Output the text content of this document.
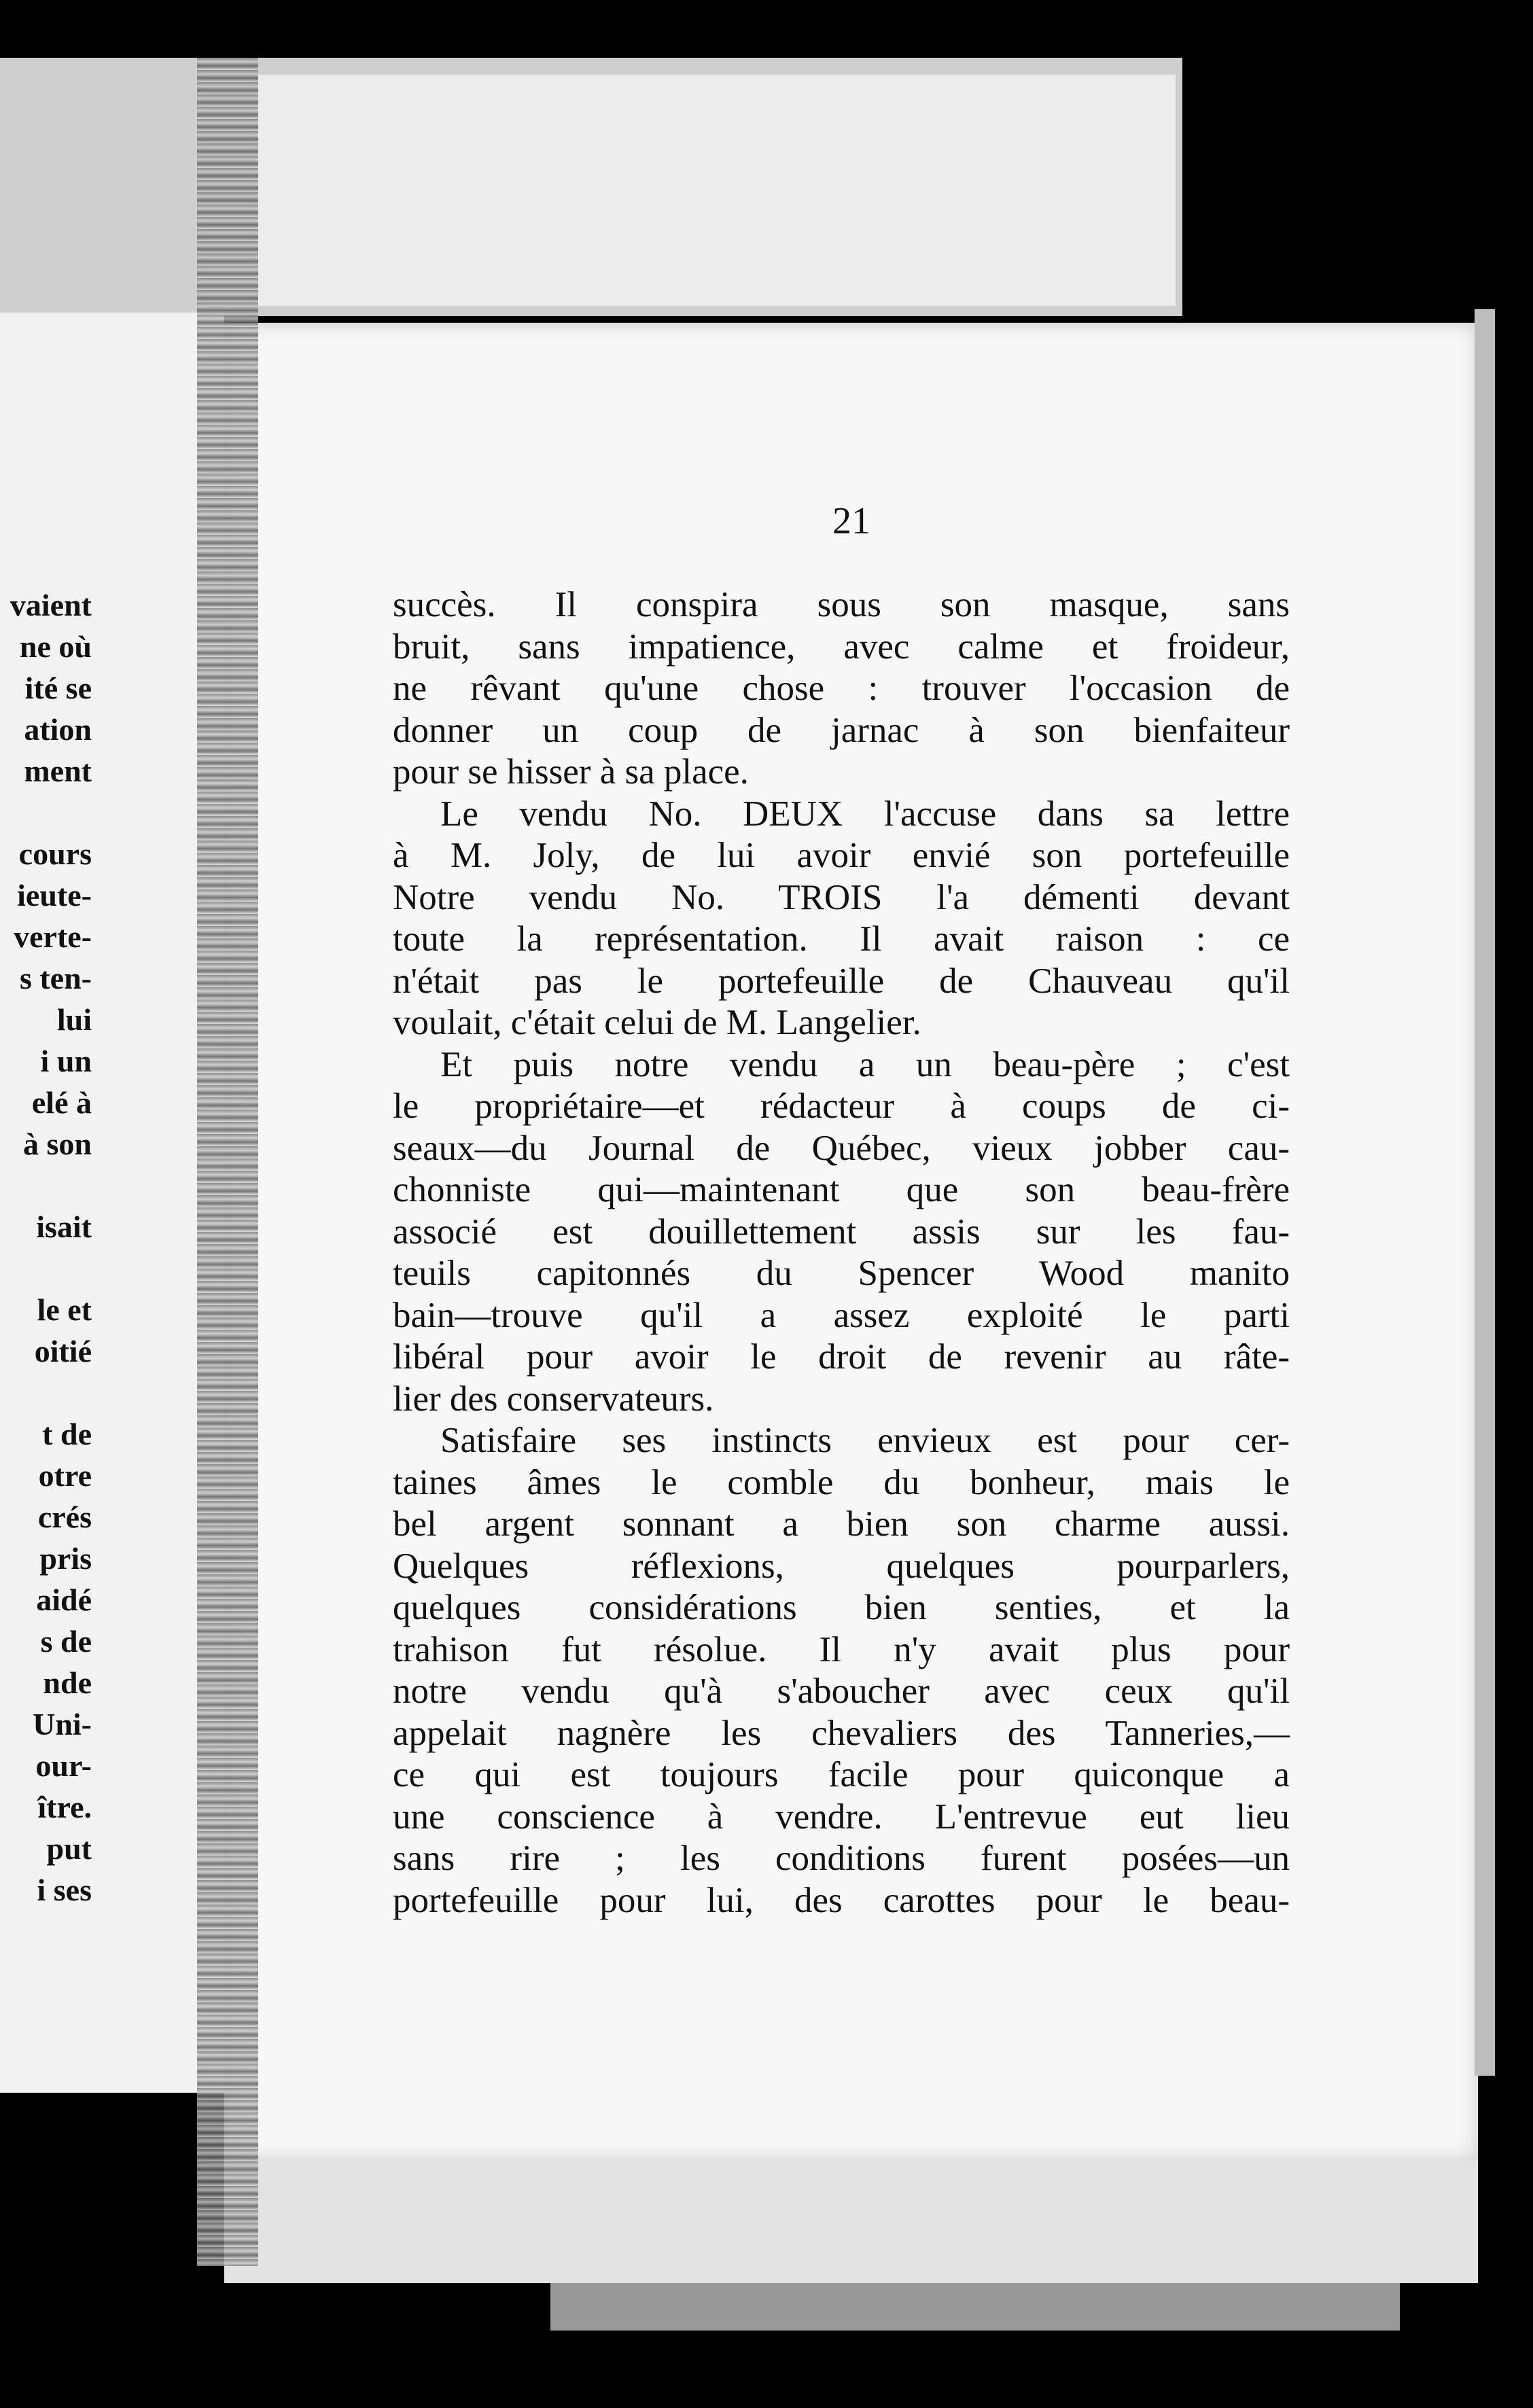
vaient
ne où
ité se
ation
ment

cours
ieute-
verte-
s ten-
lui
i un
elé à
à son

isait

le et
oitié

t de
otre
crés
pris
aidé
s de
nde
Uni-
our-
ître.
put
i ses
21
succès. Il conspira sous son masque, sans
bruit, sans impatience, avec calme et froideur,
ne rêvant qu'une chose : trouver l'occasion de
donner un coup de jarnac à son bienfaiteur
pour se hisser à sa place.
Le vendu No. DEUX l'accuse dans sa lettre
à M. Joly, de lui avoir envié son portefeuille
Notre vendu No. TROIS l'a démenti devant
toute la représentation. Il avait raison : ce
n'était pas le portefeuille de Chauveau qu'il
voulait, c'était celui de M. Langelier.
Et puis notre vendu a un beau-père ; c'est
le propriétaire—et rédacteur à coups de ci-
seaux—du Journal de Québec, vieux jobber cau-
chonniste qui—maintenant que son beau-frère
associé est douillettement assis sur les fau-
teuils capitonnés du Spencer Wood manito
bain—trouve qu'il a assez exploité le parti
libéral pour avoir le droit de revenir au râte-
lier des conservateurs.
Satisfaire ses instincts envieux est pour cer-
taines âmes le comble du bonheur, mais le
bel argent sonnant a bien son charme aussi.
Quelques réflexions, quelques pourparlers,
quelques considérations bien senties, et la
trahison fut résolue. Il n'y avait plus pour
notre vendu qu'à s'aboucher avec ceux qu'il
appelait nagnère les chevaliers des Tanneries,—
ce qui est toujours facile pour quiconque a
une conscience à vendre. L'entrevue eut lieu
sans rire ; les conditions furent posées—un
portefeuille pour lui, des carottes pour le beau-
